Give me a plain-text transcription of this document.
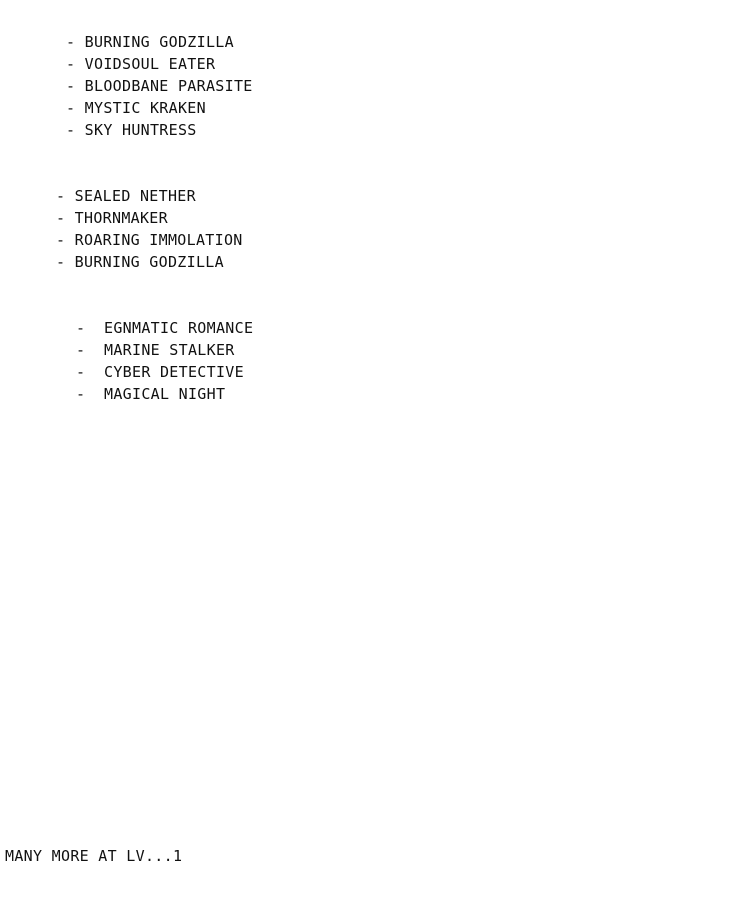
- BURNING GODZILLA
- VOIDSOUL EATER
- BLOODBANE PARASITE
- MYSTIC KRAKEN
- SKY HUNTRESS

- SEALED NETHER
- THORNMAKER
- ROARING IMMOLATION
- BURNING GODZILLA

-  EGNMATIC ROMANCE
-  MARINE STALKER
-  CYBER DETECTIVE
-  MAGICAL NIGHT

MANY MORE AT LV...1
